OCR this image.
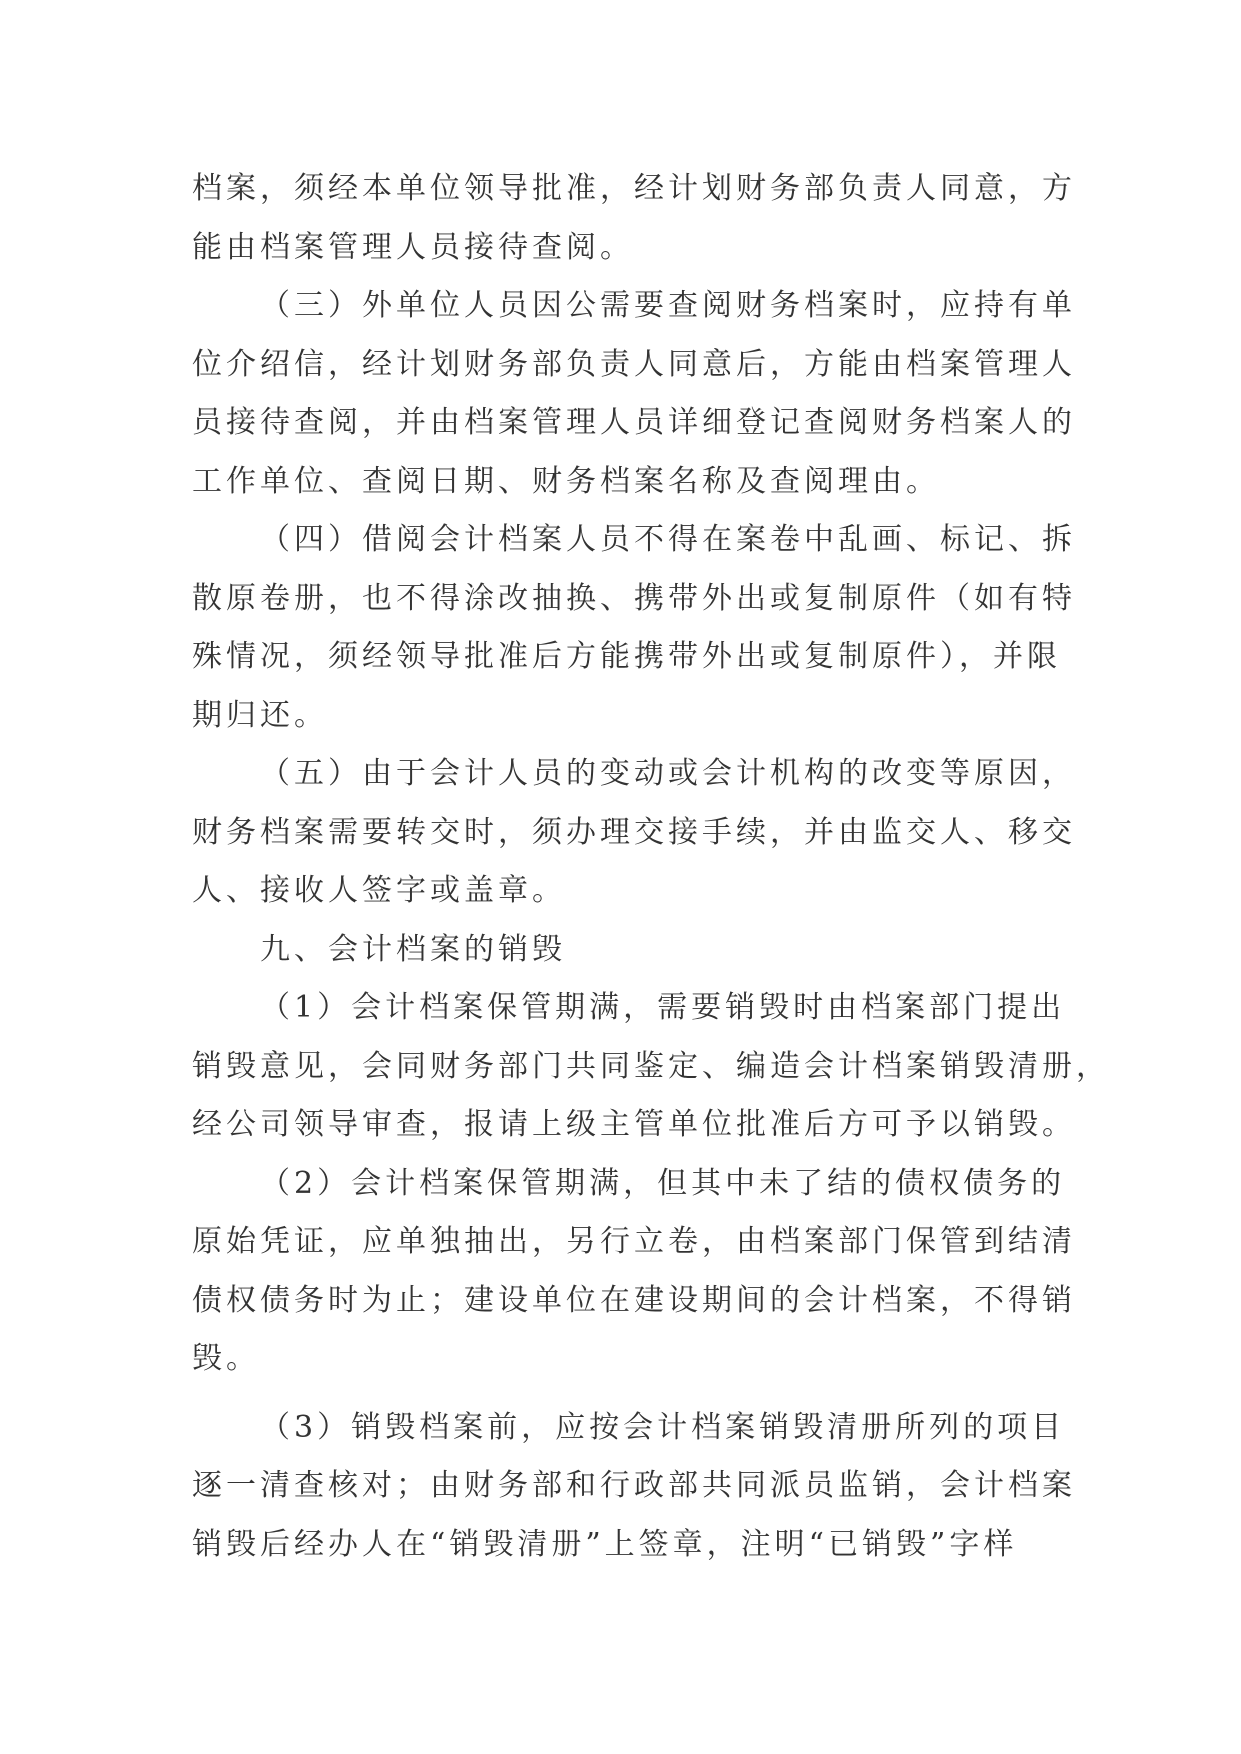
档案，须经本单位领导批准，经计划财务部负责人同意，方
能由档案管理人员接待查阅。
（三）外单位人员因公需要查阅财务档案时，应持有单
位介绍信，经计划财务部负责人同意后，方能由档案管理人
员接待查阅，并由档案管理人员详细登记查阅财务档案人的
工作单位、查阅日期、财务档案名称及查阅理由。
（四）借阅会计档案人员不得在案卷中乱画、标记、拆
散原卷册，也不得涂改抽换、携带外出或复制原件（如有特
殊情况，须经领导批准后方能携带外出或复制原件），并限
期归还。
（五）由于会计人员的变动或会计机构的改变等原因，
财务档案需要转交时，须办理交接手续，并由监交人、移交
人、接收人签字或盖章。
九、会计档案的销毁
（1）会计档案保管期满，需要销毁时由档案部门提出
销毁意见，会同财务部门共同鉴定、编造会计档案销毁清册，
经公司领导审查，报请上级主管单位批准后方可予以销毁。
（2）会计档案保管期满，但其中未了结的债权债务的
原始凭证，应单独抽出，另行立卷，由档案部门保管到结清
债权债务时为止；建设单位在建设期间的会计档案，不得销
毁。
（3）销毁档案前，应按会计档案销毁清册所列的项目
逐一清查核对；由财务部和行政部共同派员监销，会计档案
销毁后经办人在“销毁清册”上签章，注明“已销毁”字样
